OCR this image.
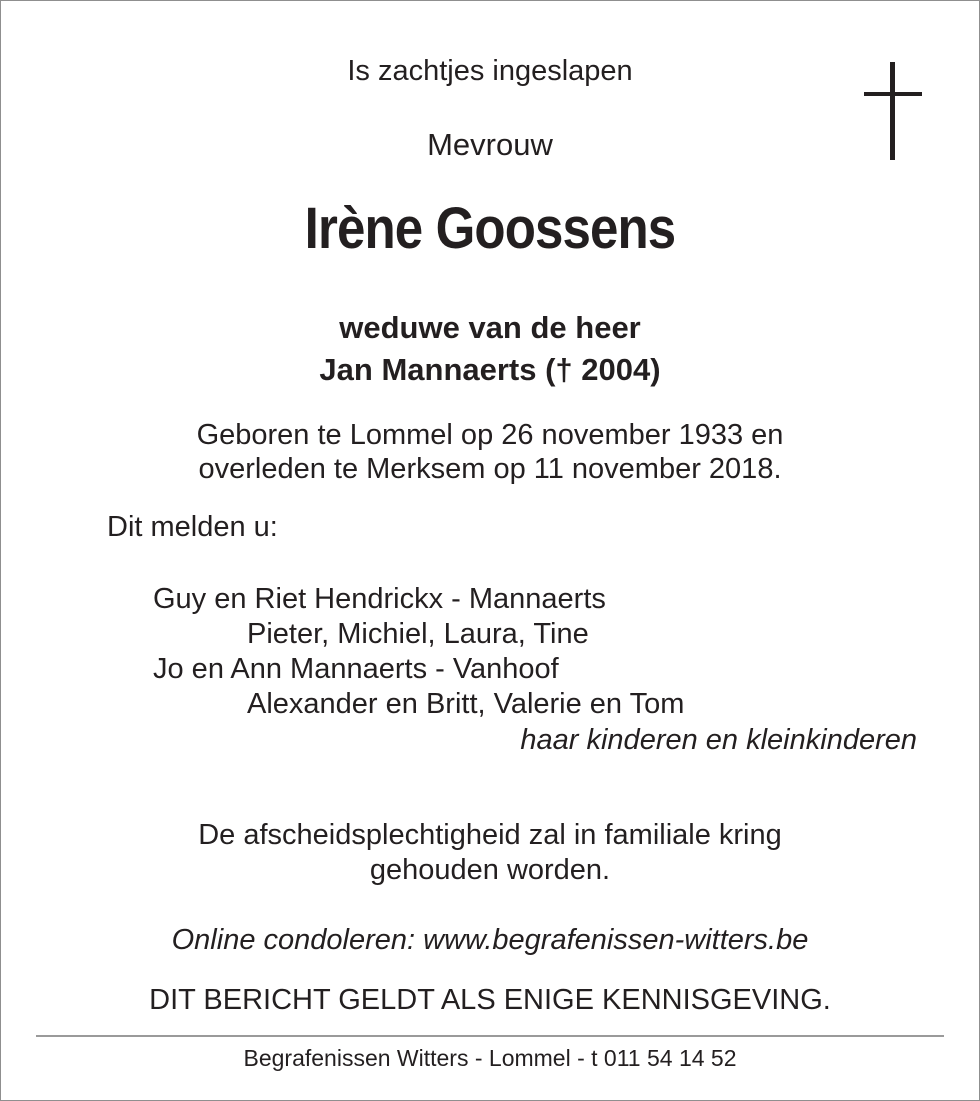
Is zachtjes ingeslapen
Mevrouw
Irène Goossens
weduwe van de heer
Jan Mannaerts († 2004)
Geboren te Lommel op 26 november 1933 en
overleden te Merksem op 11 november 2018.
Dit melden u:
Guy en Riet Hendrickx - Mannaerts
Pieter, Michiel, Laura, Tine
Jo en Ann Mannaerts - Vanhoof
Alexander en Britt, Valerie en Tom
haar kinderen en kleinkinderen
De afscheidsplechtigheid zal in familiale kring
gehouden worden.
Online condoleren: www.begrafenissen-witters.be
DIT BERICHT GELDT ALS ENIGE KENNISGEVING.
Begrafenissen Witters - Lommel - t 011 54 14 52
